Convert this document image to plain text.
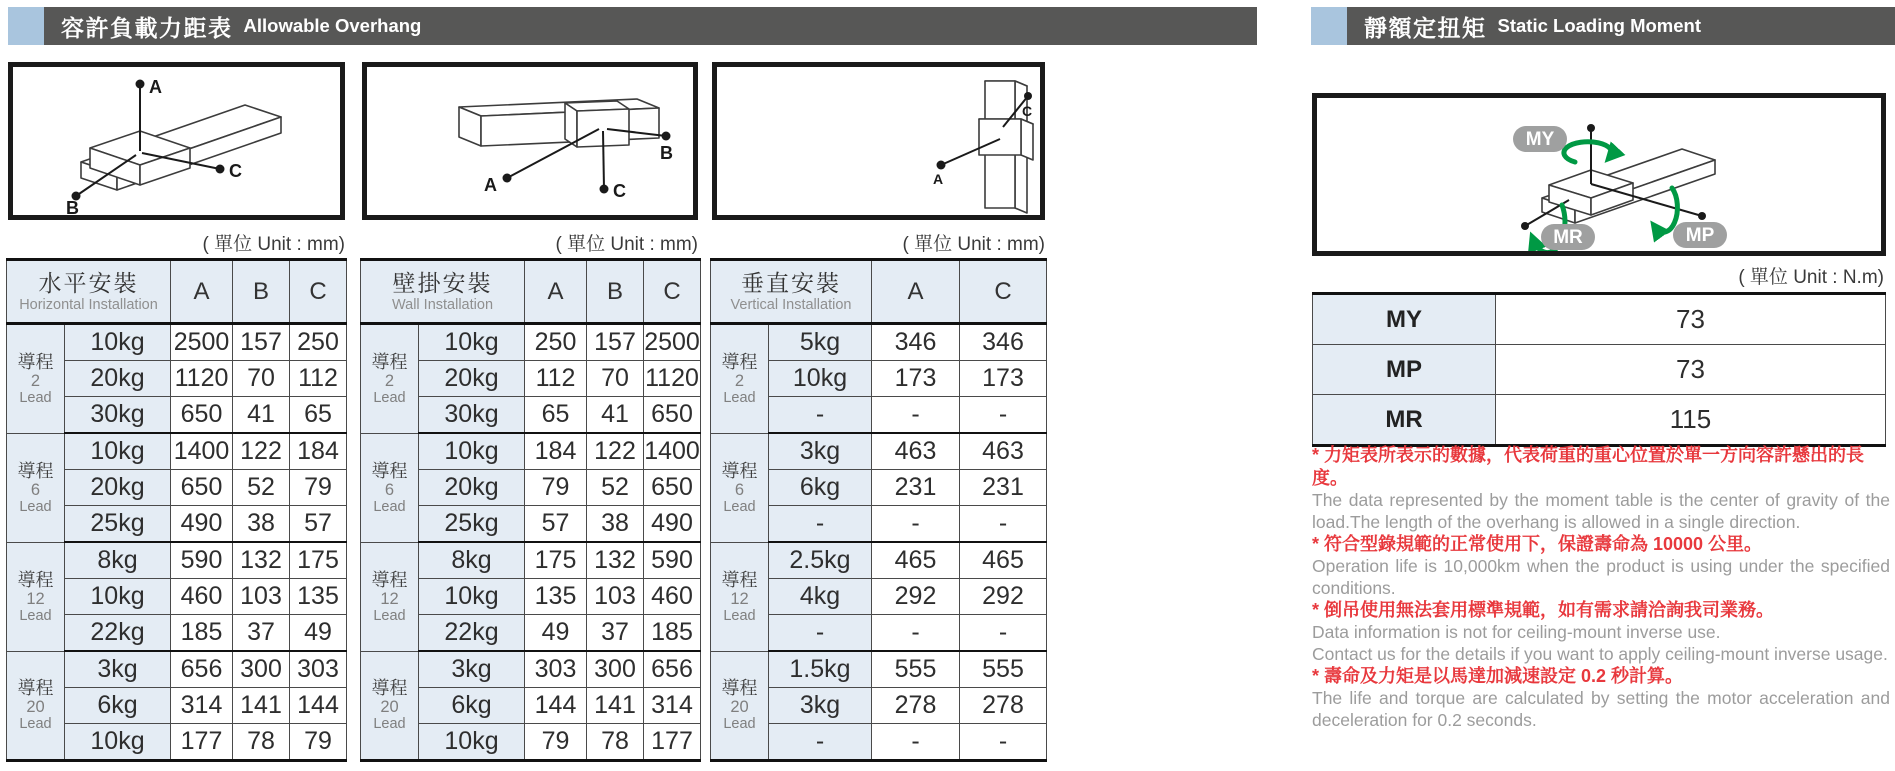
容許負載力距表 Allowable Overhang
A
C
B
A	C
B
A
C
( 單位 Unit : mm)	( 單位 Unit : mm)	( 單位 Unit : mm)
水平安裝
Horizontal Installation		A	B	C

導程
2
Lead	10kg	2500	157	250
	20kg	1120	70	112
	30kg	650	41	65

導程
6
Lead	10kg	1400	122	184
	20kg	650	52	79
	25kg	490	38	57

導程
12
Lead	8kg	590	132	175
	10kg	460	103	135
	22kg	185	37	49

導程
20
Lead	3kg	656	300	303
	6kg	314	141	144
	10kg	177	78	79
壁掛安裝
Wall Installation		A	B	C

導程
2
Lead	10kg	250	157	2500
	20kg	112	70	1120
	30kg	65	41	650

導程
6
Lead	10kg	184	122	1400
	20kg	79	52	650
	25kg	57	38	490

導程
12
Lead	8kg	175	132	590
	10kg	135	103	460
	22kg	49	37	185

導程
20
Lead	3kg	303	300	656
	6kg	144	141	314
	10kg	79	78	177
垂直安裝
Vertical Installation		A	C

導程
2
Lead	5kg	346	346
	10kg	173	173
	-	-	-

導程
6
Lead	3kg	463	463
	6kg	231	231
	-	-	-

導程
12
Lead	2.5kg	465	465
	4kg	292	292
	-	-	-

導程
20
Lead	1.5kg	555	555
	3kg	278	278
	-	-	-
靜額定扭矩 Static Loading Moment
MY
MP
MR
( 單位 Unit : N.m)
MY	73
MP	73
MR	115
* 力矩表所表示的數據，代表荷重的重心位置於單一方向容許懸出的長度。
The data represented by the moment table is the center of gravity of the load.The length of the overhang is allowed in a single direction.
* 符合型錄規範的正常使用下，保證壽命為 10000 公里。
Operation life is 10,000km when the product is using under the specified conditions.
* 倒吊使用無法套用標準規範，如有需求請洽詢我司業務。
Data information is not for ceiling-mount inverse use.
Contact us for the details if you want to apply ceiling-mount inverse usage.
* 壽命及力矩是以馬達加減速設定 0.2 秒計算。
The life and torque are calculated by setting the motor acceleration and deceleration for 0.2 seconds.
